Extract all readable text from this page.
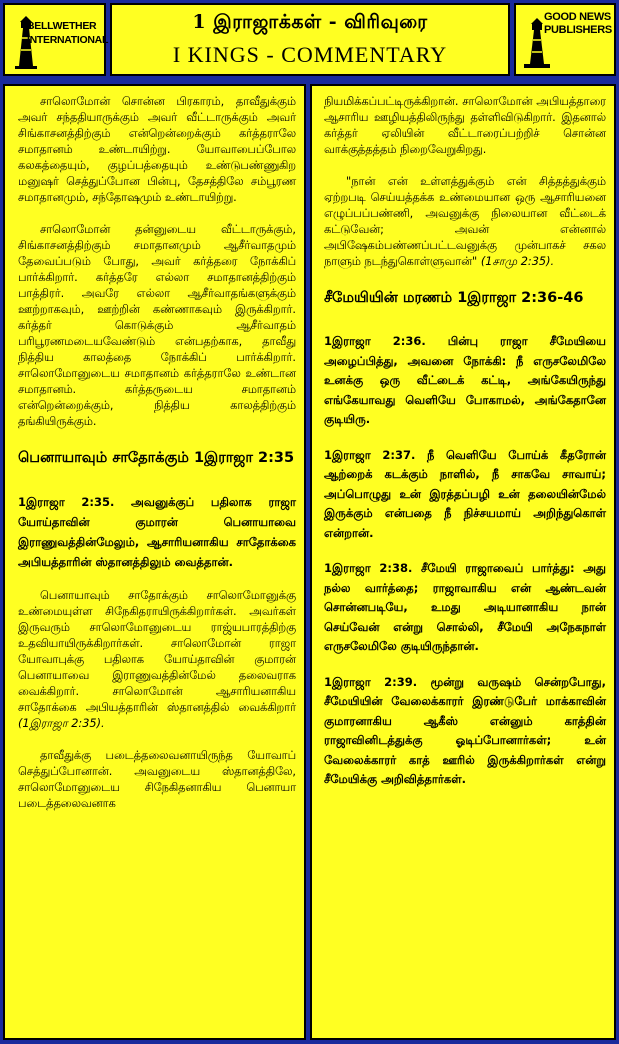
BELLWETHER
INTERNATIONAL
1 இராஜாக்கள் - விரிவுரை
I KINGS - COMMENTARY
GOOD NEWS
PUBLISHERS

சாலொமோன் சொன்ன பிரகாரம், தாவீதுக்கும் அவர் சந்ததியாருக்கும் அவர் வீட்டாருக்கும் அவர் சிங்காசனத்திற்கும் என்றென்றைக்கும் கர்த்தராலே சமாதானம் உண்டாயிற்று. யோவாபைப்போல கலகத்தையும், குழப்பத்தையும் உண்டுபண்ணுகிற மனுஷர் செத்துப்போன பின்பு, தேசத்திலே சம்பூரண சமாதானமும், சந்தோஷமும் உண்டாயிற்று.

சாலொமோன் தன்னுடைய வீட்டாருக்கும், சிங்காசனத்திற்கும் சமாதானமும் ஆசீர்வாதமும் தேவைப்படும் போது, அவர் கர்த்தரை நோக்கிப் பார்க்கிறார். கர்த்தரே எல்லா சமாதானத்திற்கும் பாத்திரர். அவரே எல்லா ஆசீர்வாதங்களுக்கும் ஊற்றாகவும், ஊற்றின் கண்ணாகவும் இருக்கிறார். கர்த்தர் கொடுக்கும் ஆசீர்வாதம் பரிபூரணமடையவேண்டும் என்பதற்காக, தாவீது நித்திய காலத்தை நோக்கிப் பார்க்கிறார். சாலொமோனுடைய சமாதானம் கர்த்தராலே உண்டான சமாதானம். கர்த்தருடைய சமாதானம் என்றென்றைக்கும், நித்திய காலத்திற்கும் தங்கியிருக்கும்.

பெனாயாவும் சாதோக்கும் 1இராஜா 2:35

1இராஜா 2:35. அவனுக்குப் பதிலாக ராஜா யோய்தாவின் குமாரன் பெனாயாவை இராணுவத்தின்மேலும், ஆசாரியனாகிய சாதோக்கை அபியத்தாரின் ஸ்தானத்திலும் வைத்தான்.

பெனாயாவும் சாதோக்கும் சாலொமோனுக்கு உண்மையுள்ள சிநேகிதராயிருக்கிறார்கள். அவர்கள் இருவரும் சாலொமோனுடைய ராஜ்யபாரத்திற்கு உதவியாயிருக்கிறார்கள். சாலொமோன் ராஜா யோவாபுக்கு பதிலாக யோய்தாவின் குமாரன் பெனாயாவை இராணுவத்தின்மேல் தலைவராக வைக்கிறார். சாலொமோன் ஆசாரியனாகிய சாதோக்கை அபியத்தாரின் ஸ்தானத்தில் வைக்கிறார் (1இராஜா 2:35).

தாவீதுக்கு படைத்தலைவனாயிருந்த யோவாப் செத்துப்போனான். அவனுடைய ஸ்தானத்திலே, சாலொமோனுடைய சிநேகிதனாகிய பெனாயா படைத்தலைவனாக

நியமிக்கப்பட்டிருக்கிறான். சாலொமோன் அபியத்தாரை ஆசாரிய ஊழியத்திலிருந்து தள்ளிவிடுகிறார். இதனால் கர்த்தர் ஏலியின் வீட்டாரைப்பற்றிச் சொன்ன வாக்குத்தத்தம் நிறைவேறுகிறது.

"நான் என் உள்ளத்துக்கும் என் சித்தத்துக்கும் ஏற்றபடி செய்யத்தக்க உண்மையான ஒரு ஆசாரியனை எழுப்பப்பண்ணி, அவனுக்கு நிலையான வீட்டைக் கட்டுவேன்; அவன் என்னால் அபிஷேகம்பண்ணப்பட்டவனுக்கு முன்பாகச் சகல நாளும் நடந்துகொள்ளுவான்" (1சாமு 2:35).

சீமேயியின் மரணம் 1இராஜா 2:36-46

1இராஜா 2:36. பின்பு ராஜா சீமேயியை அழைப்பித்து, அவனை நோக்கி: நீ எருசலேமிலே உனக்கு ஒரு வீட்டைக் கட்டி, அங்கேயிருந்து எங்கேயாவது வெளியே போகாமல், அங்கேதானே குடியிரு.

1இராஜா 2:37. நீ வெளியே போய்க் கீதரோன் ஆற்றைக் கடக்கும் நாளில், நீ சாகவே சாவாய்; அப்பொழுது உன் இரத்தப்பழி உன் தலையின்மேல் இருக்கும் என்பதை நீ நிச்சயமாய் அறிந்துகொள் என்றான்.

1இராஜா 2:38. சீமேயி ராஜாவைப் பார்த்து: அது நல்ல வார்த்தை; ராஜாவாகிய என் ஆண்டவன் சொன்னபடியே, உமது அடியானாகிய நான் செய்வேன் என்று சொல்லி, சீமேயி அநேகநாள் எருசலேமிலே குடியிருந்தான்.

1இராஜா 2:39. மூன்று வருஷம் சென்றபோது, சீமேயியின் வேலைக்காரர் இரண்டுபேர் மாக்காவின் குமாரனாகிய ஆகீஸ் என்னும் காத்தின் ராஜாவினிடத்துக்கு ஓடிப்போனார்கள்; உன் வேலைக்காரர் காத் ஊரில் இருக்கிறார்கள் என்று சீமேயிக்கு அறிவித்தார்கள்.
